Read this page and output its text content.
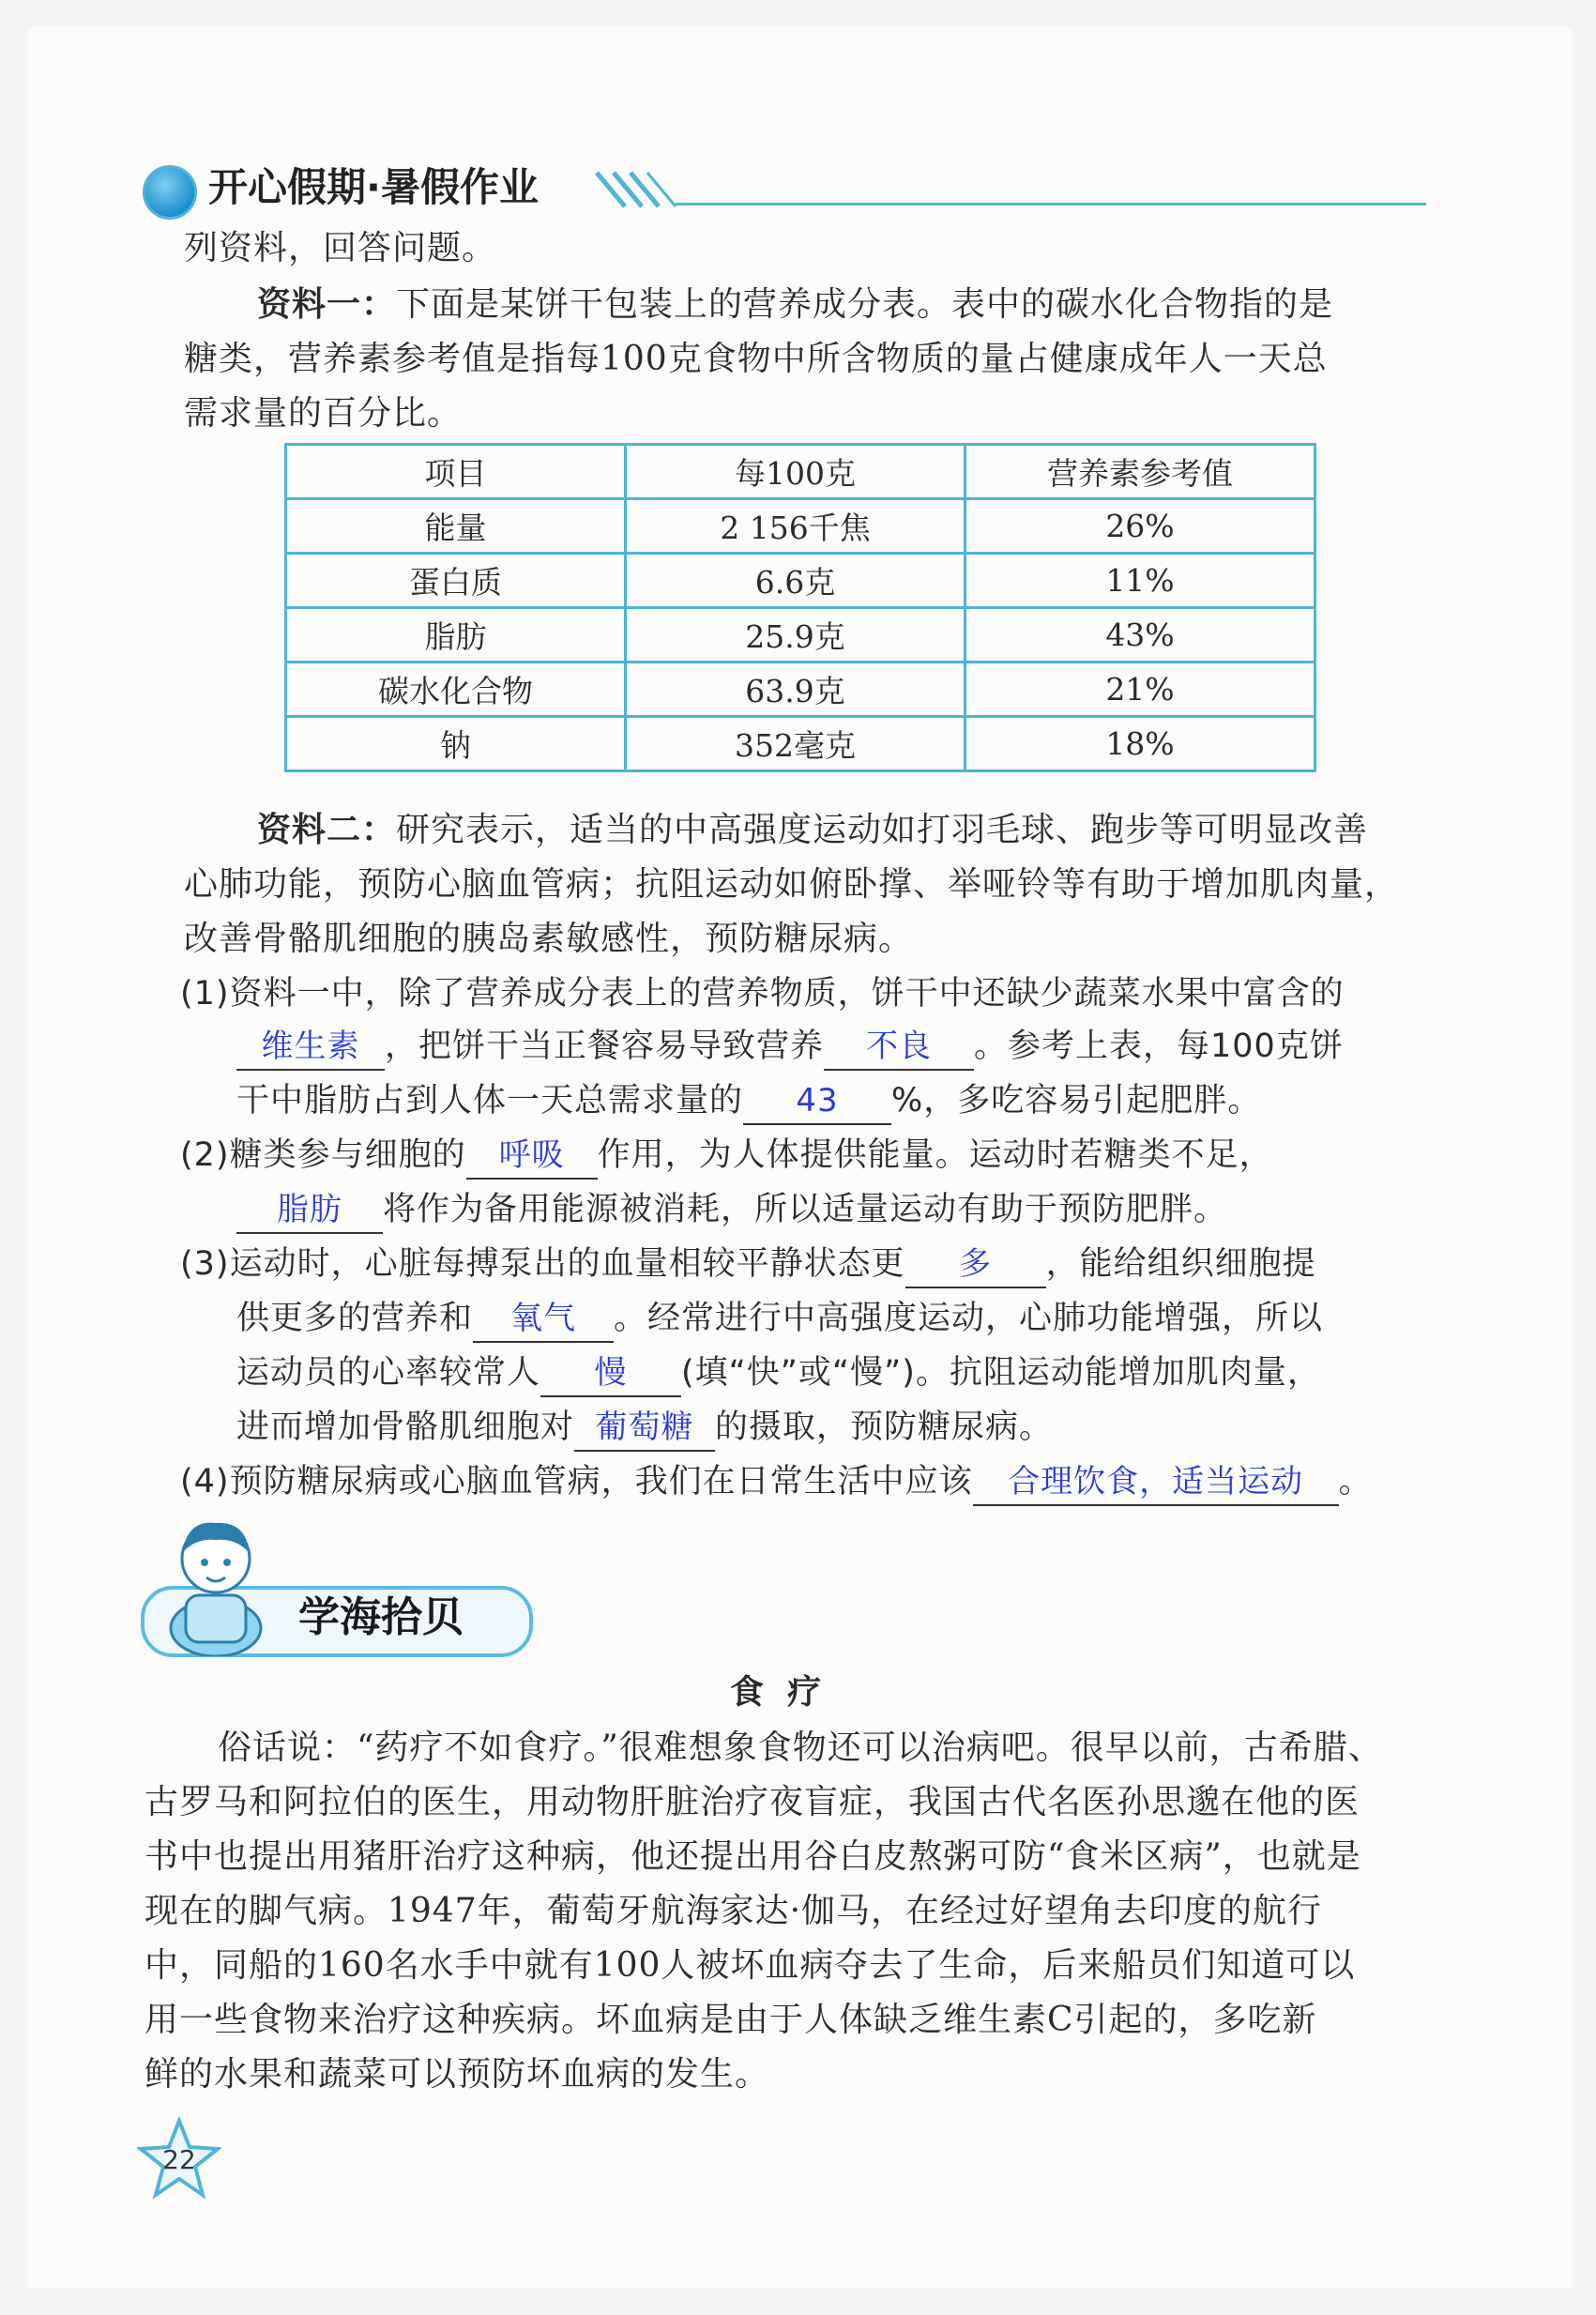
开心假期·暑假作业
列资料，回答问题。
资料一：下面是某饼干包装上的营养成分表。表中的碳水化合物指的是
糖类，营养素参考值是指每100克食物中所含物质的量占健康成年人一天总
需求量的百分比。
项目	每100克	营养素参考值
能量	2 156千焦	26%
蛋白质	6.6克	11%
脂肪	25.9克	43%
碳水化合物	63.9克	21%
钠	352毫克	18%
资料二：研究表示，适当的中高强度运动如打羽毛球、跑步等可明显改善
心肺功能，预防心脑血管病；抗阻运动如俯卧撑、举哑铃等有助于增加肌肉量，
改善骨骼肌细胞的胰岛素敏感性，预防糖尿病。
(1)资料一中，除了营养成分表上的营养物质，饼干中还缺少蔬菜水果中富含的
维生素 ，把饼干当正餐容易导致营养 不良 。参考上表，每100克饼
干中脂肪占到人体一天总需求量的 43 %，多吃容易引起肥胖。
(2)糖类参与细胞的 呼吸 作用，为人体提供能量。运动时若糖类不足，
脂肪 将作为备用能源被消耗，所以适量运动有助于预防肥胖。
(3)运动时，心脏每搏泵出的血量相较平静状态更 多 ，能给组织细胞提
供更多的营养和 氧气 。经常进行中高强度运动，心肺功能增强，所以
运动员的心率较常人 慢 (填“快”或“慢”)。抗阻运动能增加肌肉量，
进而增加骨骼肌细胞对 葡萄糖 的摄取，预防糖尿病。
(4)预防糖尿病或心脑血管病，我们在日常生活中应该 合理饮食，适当运动 。
学海拾贝
食  疗
俗话说：“药疗不如食疗。”很难想象食物还可以治病吧。很早以前，古希腊、
古罗马和阿拉伯的医生，用动物肝脏治疗夜盲症，我国古代名医孙思邈在他的医
书中也提出用猪肝治疗这种病，他还提出用谷白皮熬粥可防“食米区病”，也就是
现在的脚气病。1947年，葡萄牙航海家达·伽马，在经过好望角去印度的航行
中，同船的160名水手中就有100人被坏血病夺去了生命，后来船员们知道可以
用一些食物来治疗这种疾病。坏血病是由于人体缺乏维生素C引起的，多吃新
鲜的水果和蔬菜可以预防坏血病的发生。
22
